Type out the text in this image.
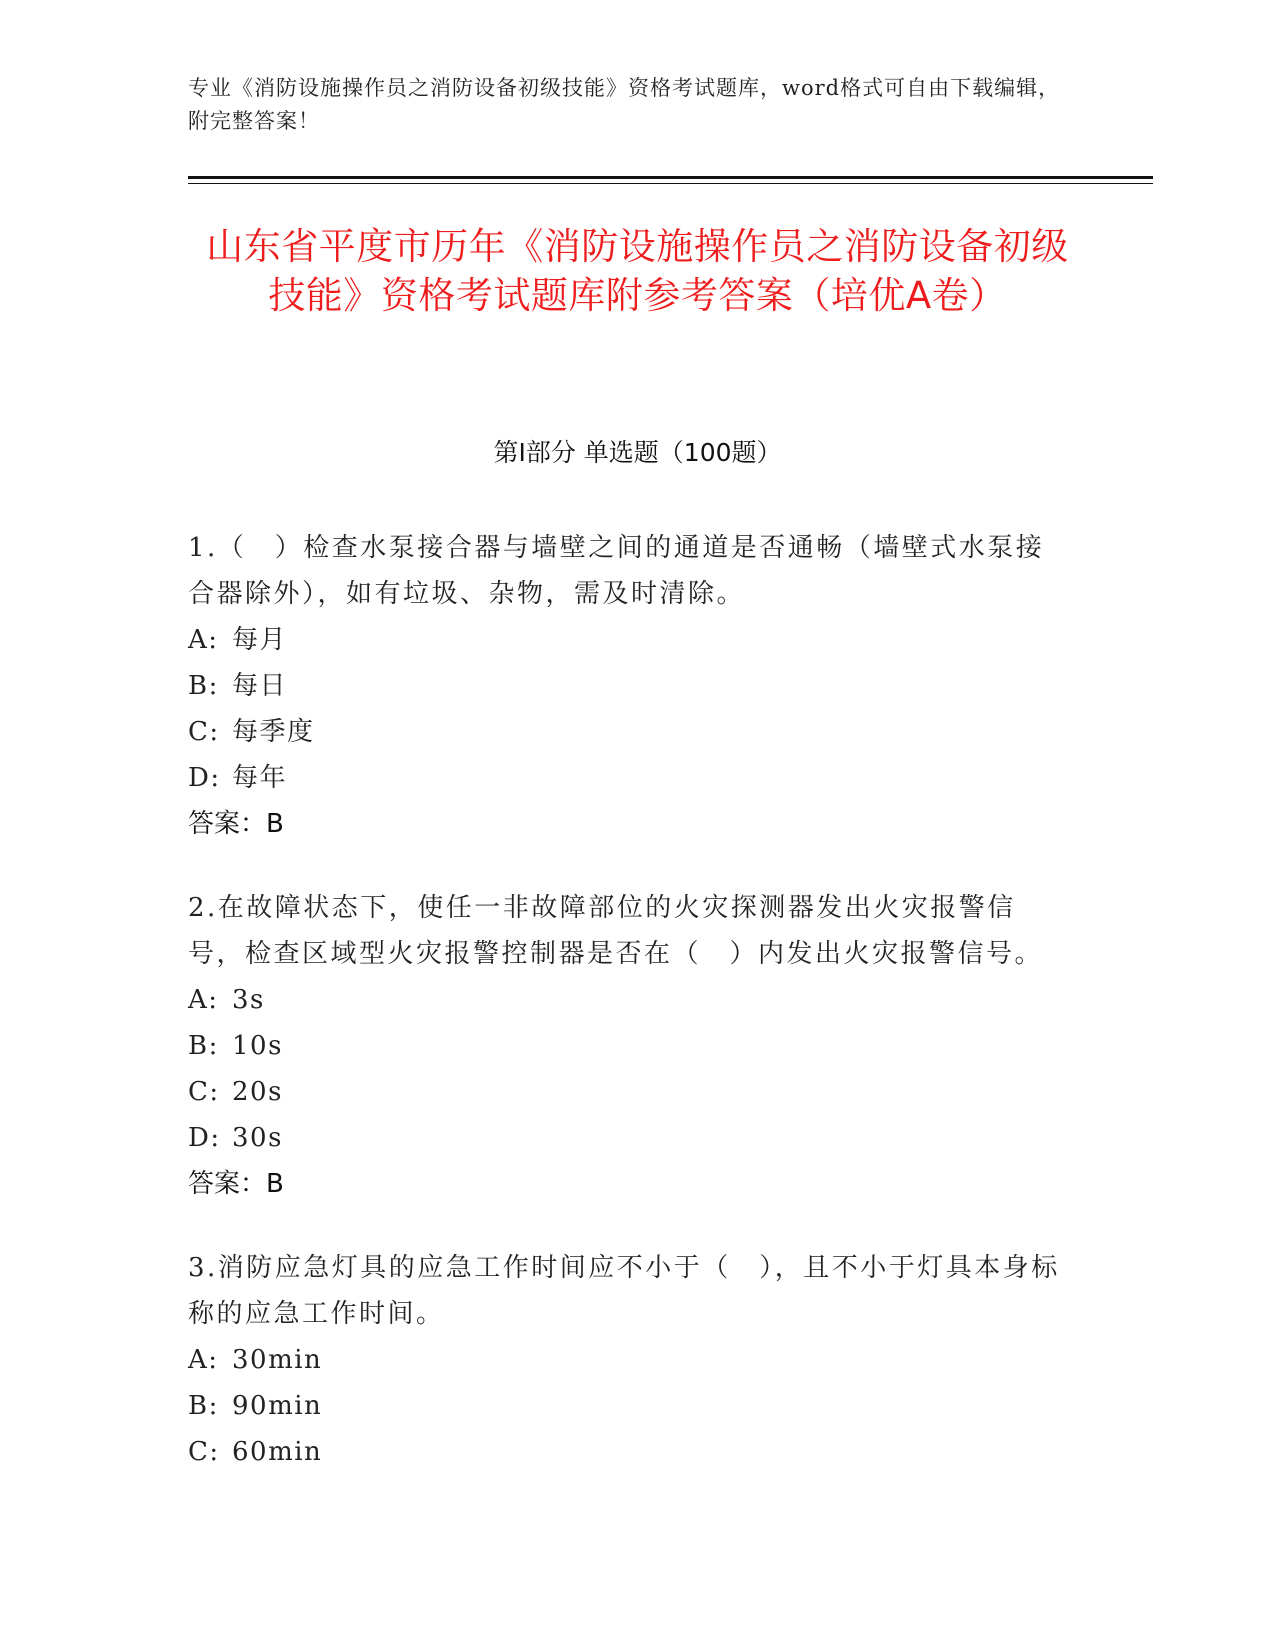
专业《消防设施操作员之消防设备初级技能》资格考试题库，word格式可自由下载编辑，附完整答案！
山东省平度市历年《消防设施操作员之消防设备初级技能》资格考试题库附参考答案（培优A卷）
第I部分 单选题（100题）
1.（　）检查水泵接合器与墙壁之间的通道是否通畅（墙壁式水泵接合器除外），如有垃圾、杂物，需及时清除。
A: 每月
B: 每日
C: 每季度
D: 每年
答案：B
2.在故障状态下，使任一非故障部位的火灾探测器发出火灾报警信号，检查区域型火灾报警控制器是否在（　）内发出火灾报警信号。
A: 3s
B: 10s
C: 20s
D: 30s
答案：B
3.消防应急灯具的应急工作时间应不小于（　），且不小于灯具本身标称的应急工作时间。
A: 30min
B: 90min
C: 60min
